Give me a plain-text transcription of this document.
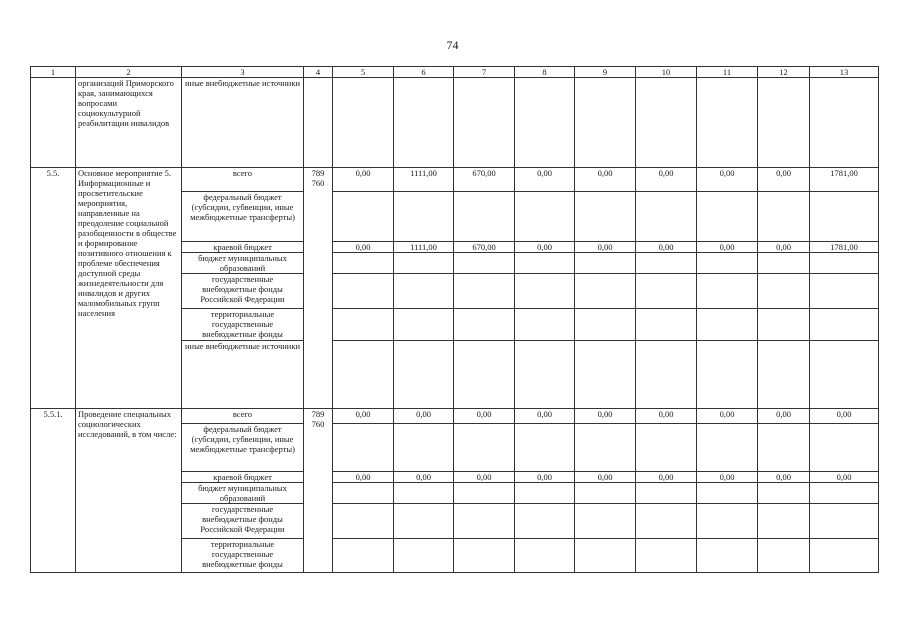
74
1	2	3	4	5	6	7	8	9	10	11	12	13
	организаций Приморского края, занимающихся вопросами социокультурной реабилитации инвалидов	иные внебюджетные источники										
5.5.	Основное мероприятие 5. Информационные и просветительские мероприятия, направленные на преодоление социальной разобщенности в обществе и формирование позитивного отношения к проблеме обеспечения доступной среды жизнедеятельности для инвалидов и других маломобильных групп населения	всего	789 760	0,00	1111,00	670,00	0,00	0,00	0,00	0,00	0,00	1781,00
		федеральный бюджет (субсидии, субвенции, иные межбюджетные трансферты)										
		краевой бюджет		0,00	1111,00	670,00	0,00	0,00	0,00	0,00	0,00	1781,00
		бюджет муниципальных образований										
		государственные внебюджетные фонды Российской Федерации										
		территориальные государственные внебюджетные фонды										
		иные внебюджетные источники										
5.5.1.	Проведение специальных социологических исследований, в том числе:	всего	789 760	0,00	0,00	0,00	0,00	0,00	0,00	0,00	0,00	0,00
		федеральный бюджет (субсидии, субвенции, иные межбюджетные трансферты)										
		краевой бюджет		0,00	0,00	0,00	0,00	0,00	0,00	0,00	0,00	0,00
		бюджет муниципальных образований										
		государственные внебюджетные фонды Российской Федерации										
		территориальные государственные внебюджетные фонды										
